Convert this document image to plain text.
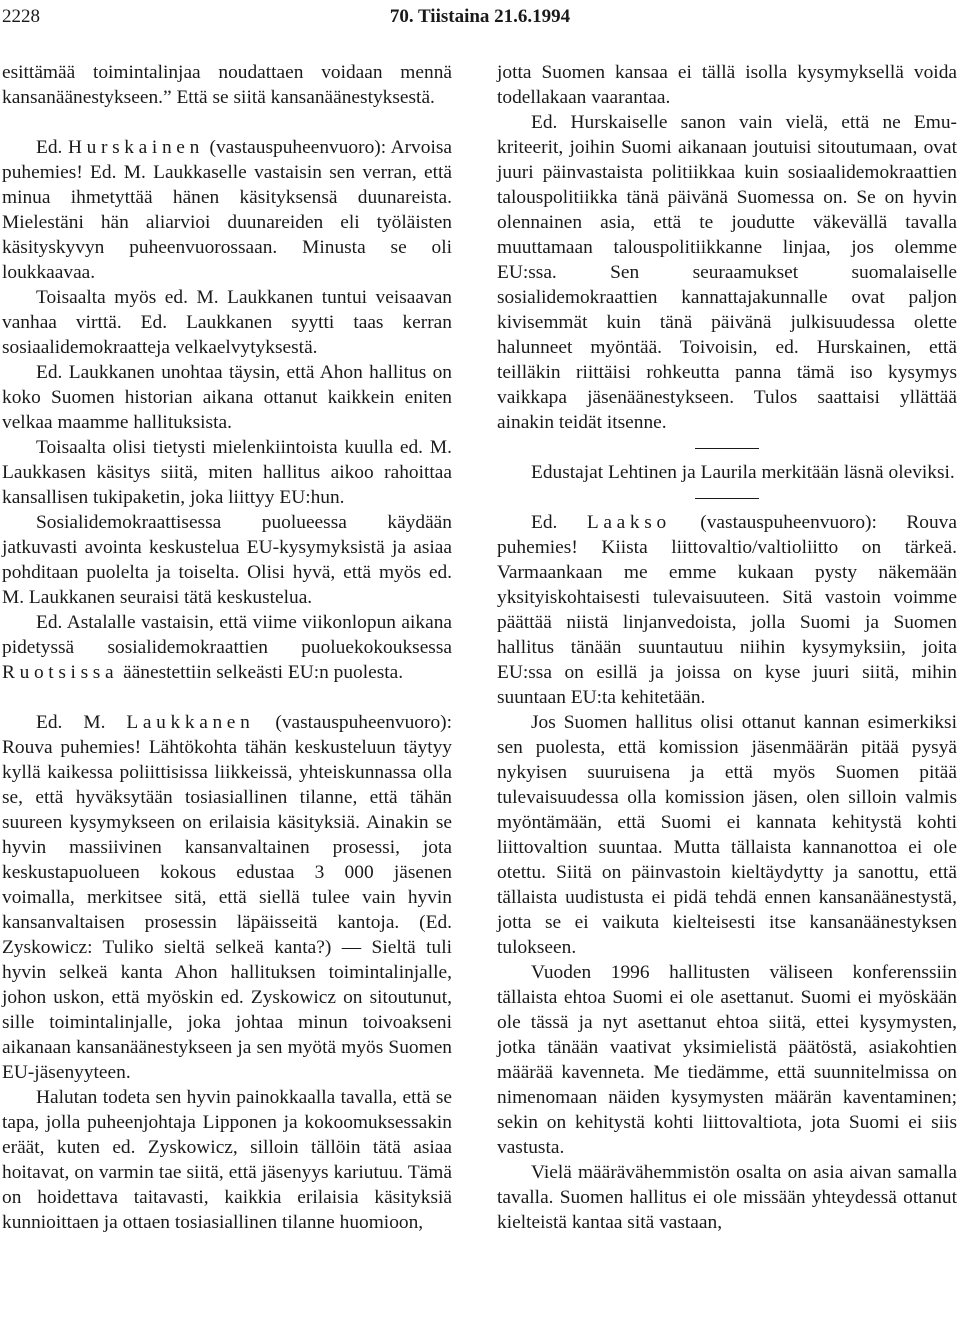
2228	70. Tiistaina 21.6.1994

esittämää toimintalinjaa noudattaen voidaan mennä kansanäänestykseen.” Että se siitä kansanäänestyksestä.

Ed. Hurskainen (vastauspuheenvuoro): Arvoisa puhemies! Ed. M. Laukkaselle vastaisin sen verran, että minua ihmetyttää hänen käsityksensä duunareista. Mielestäni hän aliarvioi duunareiden eli työläisten käsityskyvyn puheenvuorossaan. Minusta se oli loukkaavaa.

Toisaalta myös ed. M. Laukkanen tuntui veisaavan vanhaa virttä. Ed. Laukkanen syytti taas kerran sosiaalidemokraatteja velkaelvytyksestä.

Ed. Laukkanen unohtaa täysin, että Ahon hallitus on koko Suomen historian aikana ottanut kaikkein eniten velkaa maamme hallituksista.

Toisaalta olisi tietysti mielenkiintoista kuulla ed. M. Laukkasen käsitys siitä, miten hallitus aikoo rahoittaa kansallisen tukipaketin, joka liittyy EU:hun.

Sosialidemokraattisessa puolueessa käydään jatkuvasti avointa keskustelua EU-kysymyksistä ja asiaa pohditaan puolelta ja toiselta. Olisi hyvä, että myös ed. M. Laukkanen seuraisi tätä keskustelua.

Ed. Astalalle vastaisin, että viime viikonlopun aikana pidetyssä sosialidemokraattien puoluekokouksessa Ruotsissa äänestettiin selkeästi EU:n puolesta.

Ed. M. Laukkanen (vastauspuheenvuoro): Rouva puhemies! Lähtökohta tähän keskusteluun täytyy kyllä kaikessa poliittisissa liikkeissä, yhteiskunnassa olla se, että hyväksytään tosiasiallinen tilanne, että tähän suureen kysymykseen on erilaisia käsityksiä. Ainakin se hyvin massiivinen kansanvaltainen prosessi, jota keskustapuolueen kokous edustaa 3 000 jäsenen voimalla, merkitsee sitä, että siellä tulee vain hyvin kansanvaltaisen prosessin läpäisseitä kantoja. (Ed. Zyskowicz: Tuliko sieltä selkeä kanta?) — Sieltä tuli hyvin selkeä kanta Ahon hallituksen toimintalinjalle, johon uskon, että myöskin ed. Zyskowicz on sitoutunut, sille toimintalinjalle, joka johtaa minun toivoakseni aikanaan kansanäänestykseen ja sen myötä myös Suomen EU-jäsenyyteen.

Halutan todeta sen hyvin painokkaalla tavalla, että se tapa, jolla puheenjohtaja Lipponen ja kokoomuksessakin eräät, kuten ed. Zyskowicz, silloin tällöin tätä asiaa hoitavat, on varmin tae siitä, että jäsenyys kariutuu. Tämä on hoidettava taitavasti, kaikkia erilaisia käsityksiä kunnioittaen ja ottaen tosiasiallinen tilanne huomioon,

jotta Suomen kansaa ei tällä isolla kysymyksellä voida todellakaan vaarantaa.

Ed. Hurskaiselle sanon vain vielä, että ne Emu-kriteerit, joihin Suomi aikanaan joutuisi sitoutumaan, ovat juuri päinvastaista politiikkaa kuin sosiaalidemokraattien talouspolitiikka tänä päivänä Suomessa on. Se on hyvin olennainen asia, että te joudutte väkevällä tavalla muuttamaan talouspolitiikkanne linjaa, jos olemme EU:ssa. Sen seuraamukset suomalaiselle sosialidemokraattien kannattajakunnalle ovat paljon kivisemmät kuin tänä päivänä julkisuudessa olette halunneet myöntää. Toivoisin, ed. Hurskainen, että teilläkin riittäisi rohkeutta panna tämä iso kysymys vaikkapa jäsenäänestykseen. Tulos saattaisi yllättää ainakin teidät itsenne.

Edustajat Lehtinen ja Laurila merkitään läsnä oleviksi.

Ed. Laakso (vastauspuheenvuoro): Rouva puhemies! Kiista liittovaltio/valtioliitto on tärkeä. Varmaankaan me emme kukaan pysty näkemään yksityiskohtaisesti tulevaisuuteen. Sitä vastoin voimme päättää niistä linjanvedoista, jolla Suomi ja Suomen hallitus tänään suuntautuu niihin kysymyksiin, joita EU:ssa on esillä ja joissa on kyse juuri siitä, mihin suuntaan EU:ta kehitetään.

Jos Suomen hallitus olisi ottanut kannan esimerkiksi sen puolesta, että komission jäsenmäärän pitää pysyä nykyisen suuruisena ja että myös Suomen pitää tulevaisuudessa olla komission jäsen, olen silloin valmis myöntämään, että Suomi ei kannata kehitystä kohti liittovaltion suuntaa. Mutta tällaista kannanottoa ei ole otettu. Siitä on päinvastoin kieltäydytty ja sanottu, että tällaista uudistusta ei pidä tehdä ennen kansanäänestystä, jotta se ei vaikuta kielteisesti itse kansanäänestyksen tulokseen.

Vuoden 1996 hallitusten väliseen konferenssiin tällaista ehtoa Suomi ei ole asettanut. Suomi ei myöskään ole tässä ja nyt asettanut ehtoa siitä, ettei kysymysten, jotka tänään vaativat yksimielistä päätöstä, asiakohtien määrää kavenneta. Me tiedämme, että suunnitelmissa on nimenomaan näiden kysymysten määrän kaventaminen; sekin on kehitystä kohti liittovaltiota, jota Suomi ei siis vastusta.

Vielä määrävähemmistön osalta on asia aivan samalla tavalla. Suomen hallitus ei ole missään yhteydessä ottanut kielteistä kantaa sitä vastaan,
